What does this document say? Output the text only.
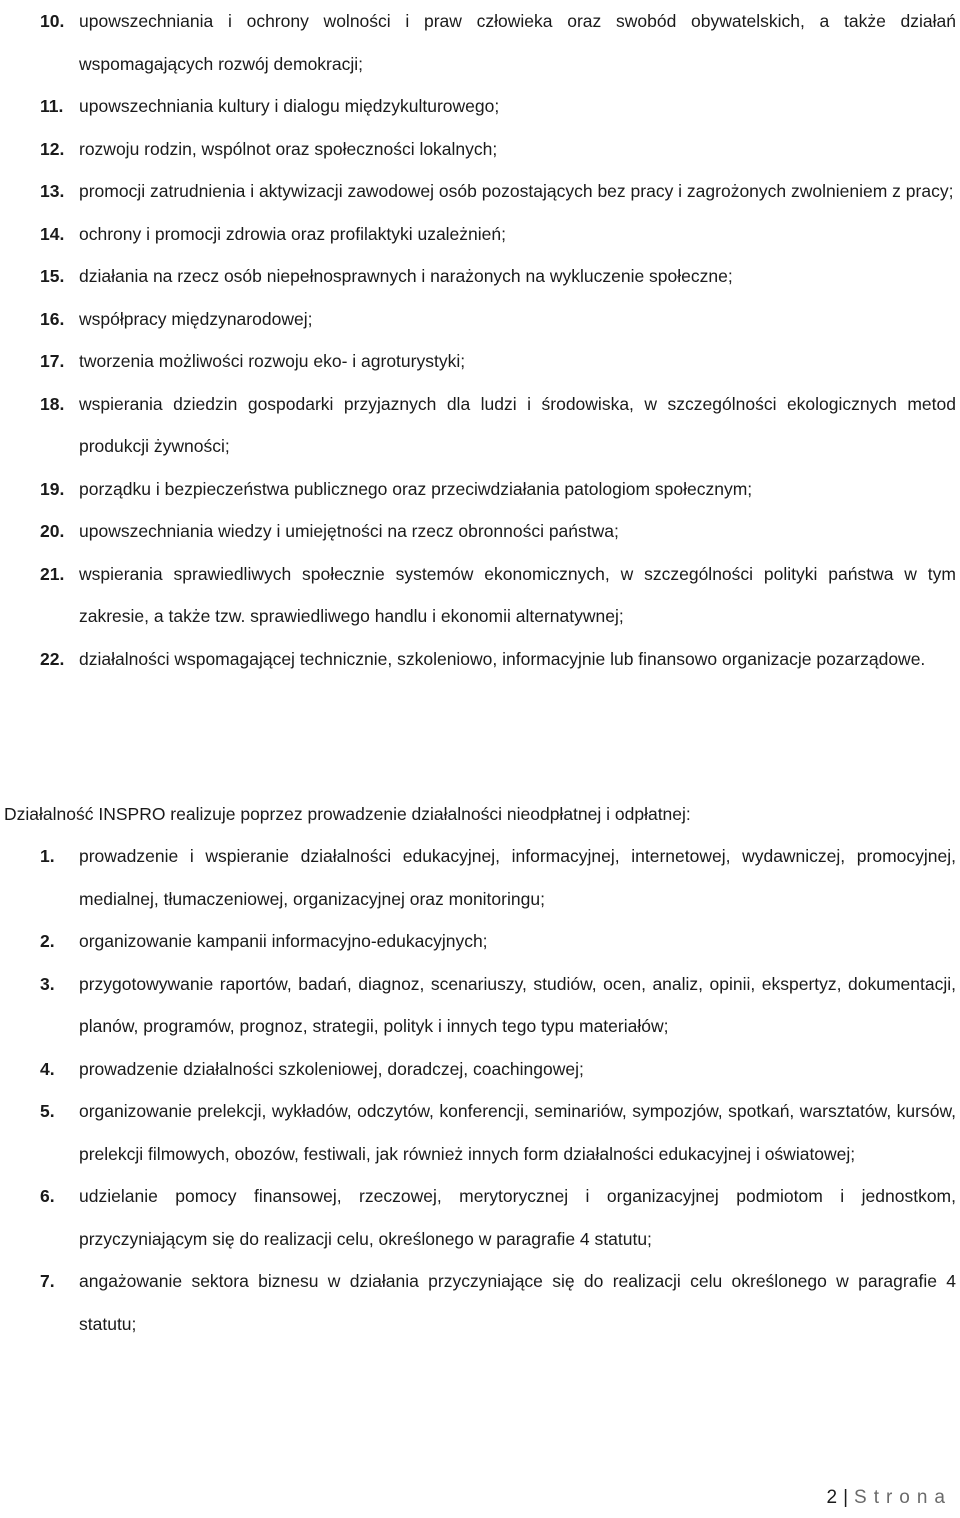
10. upowszechniania i ochrony wolności i praw człowieka oraz swobód obywatelskich, a także działań wspomagających rozwój demokracji;
11. upowszechniania kultury i dialogu międzykulturowego;
12. rozwoju rodzin, wspólnot oraz społeczności lokalnych;
13. promocji zatrudnienia i aktywizacji zawodowej osób pozostających bez pracy i zagrożonych zwolnieniem z pracy;
14. ochrony i promocji zdrowia oraz profilaktyki uzależnień;
15. działania na rzecz osób niepełnosprawnych i narażonych na wykluczenie społeczne;
16. współpracy międzynarodowej;
17. tworzenia możliwości rozwoju eko- i agroturystyki;
18. wspierania dziedzin gospodarki przyjaznych dla ludzi i środowiska, w szczególności ekologicznych metod produkcji żywności;
19. porządku i bezpieczeństwa publicznego oraz przeciwdziałania patologiom społecznym;
20. upowszechniania wiedzy i umiejętności na rzecz obronności państwa;
21. wspierania sprawiedliwych społecznie systemów ekonomicznych, w szczególności polityki państwa w tym zakresie, a także tzw. sprawiedliwego handlu i ekonomii alternatywnej;
22. działalności wspomagającej technicznie, szkoleniowo, informacyjnie lub finansowo organizacje pozarządowe.
Działalność INSPRO realizuje poprzez prowadzenie działalności nieodpłatnej i odpłatnej:
1. prowadzenie i wspieranie działalności edukacyjnej, informacyjnej, internetowej, wydawniczej, promocyjnej, medialnej, tłumaczeniowej, organizacyjnej oraz monitoringu;
2. organizowanie kampanii informacyjno-edukacyjnych;
3. przygotowywanie raportów, badań, diagnoz, scenariuszy, studiów, ocen, analiz, opinii, ekspertyz, dokumentacji, planów, programów, prognoz, strategii, polityk i innych tego typu materiałów;
4. prowadzenie działalności szkoleniowej, doradczej, coachingowej;
5. organizowanie prelekcji, wykładów, odczytów, konferencji, seminariów, sympozjów, spotkań, warsztatów, kursów, prelekcji filmowych, obozów, festiwali, jak również innych form działalności edukacyjnej i oświatowej;
6. udzielanie pomocy finansowej, rzeczowej, merytorycznej i organizacyjnej podmiotom i jednostkom, przyczyniającym się do realizacji celu, określonego w paragrafie 4 statutu;
7. angażowanie sektora biznesu w działania przyczyniające się do realizacji celu określonego w paragrafie 4 statutu;
2 | Strona
